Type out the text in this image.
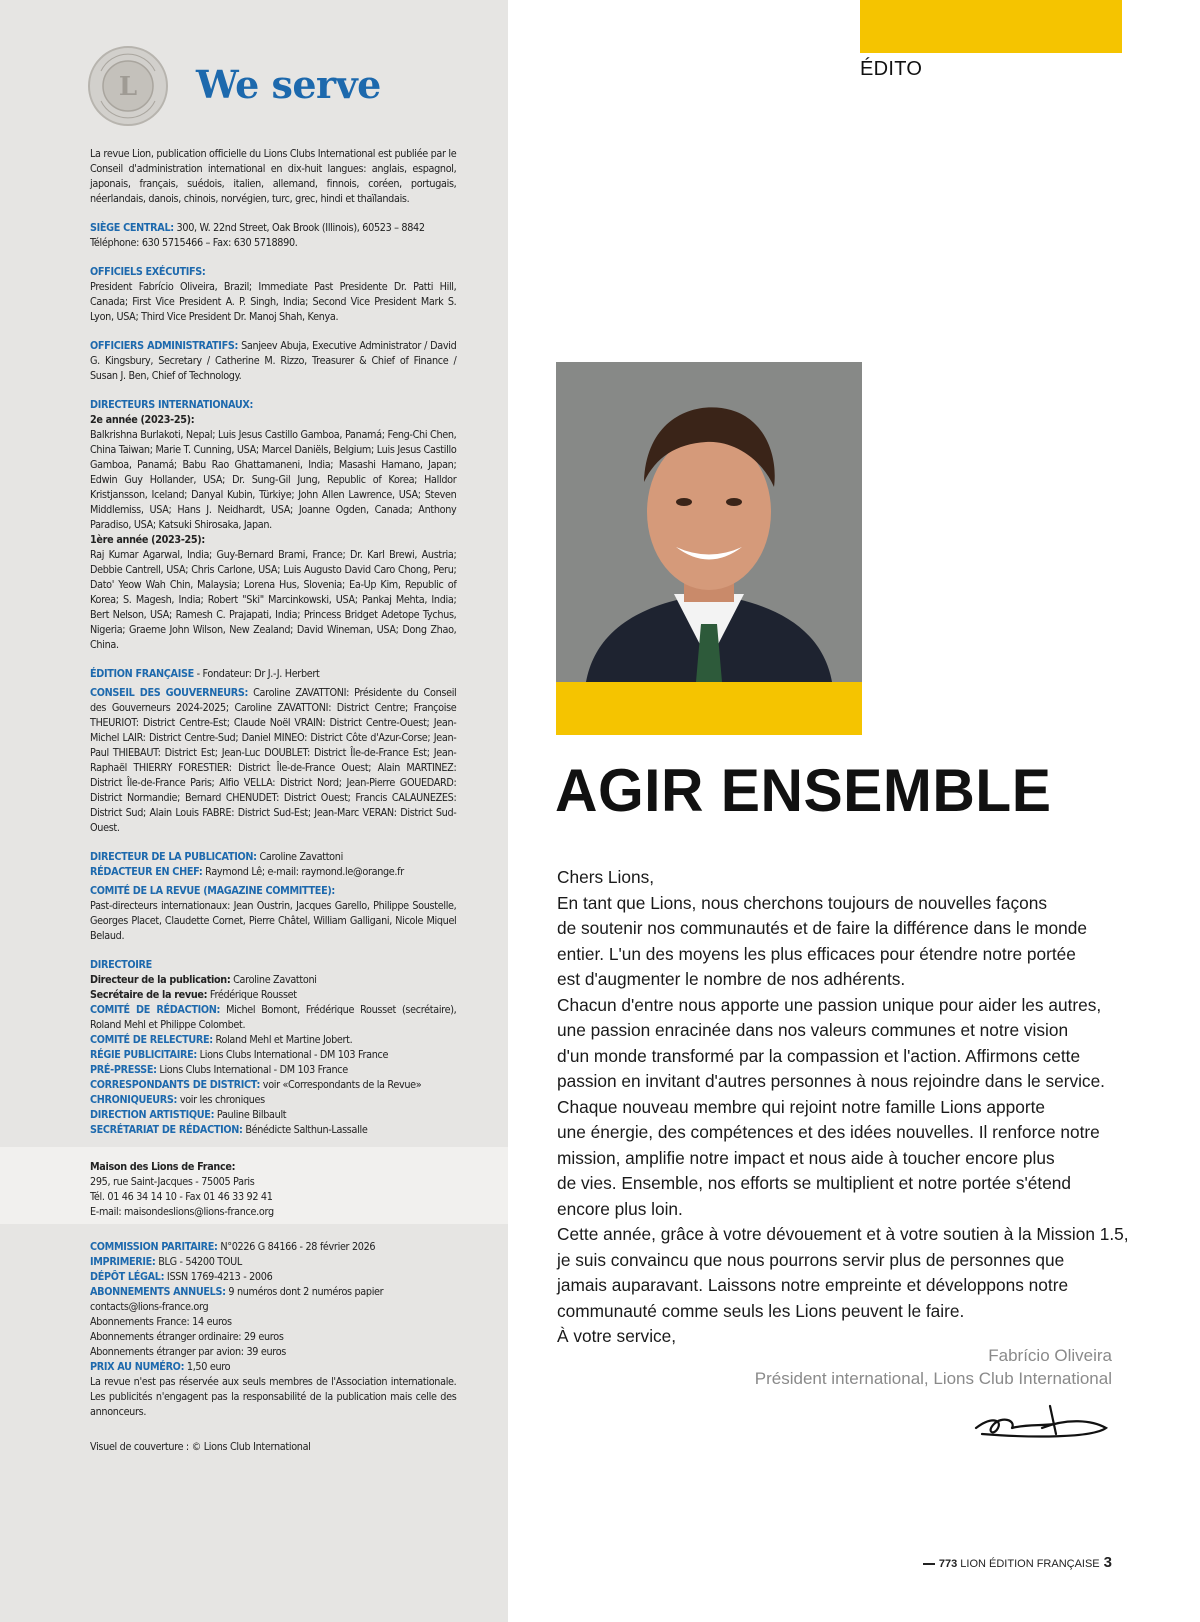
L We serve

La revue Lion, publication officielle du Lions Clubs International est publiée par le Conseil d'administration international en dix-huit langues: anglais, espagnol, japonais, français, suédois, italien, allemand, finnois, coréen, portugais, néerlandais, danois, chinois, norvégien, turc, grec, hindi et thaïlandais.

SIÈGE CENTRAL: 300, W. 22nd Street, Oak Brook (Illinois), 60523 – 8842
Téléphone: 630 5715466 – Fax: 630 5718890.

OFFICIELS EXÉCUTIFS:
President Fabrício Oliveira, Brazil; Immediate Past Presidente Dr. Patti Hill, Canada; First Vice President A. P. Singh, India; Second Vice President Mark S. Lyon, USA; Third Vice President Dr. Manoj Shah, Kenya.

OFFICIERS ADMINISTRATIFS: Sanjeev Abuja, Executive Administrator / David G. Kingsbury, Secretary / Catherine M. Rizzo, Treasurer & Chief of Finance / Susan J. Ben, Chief of Technology.

DIRECTEURS INTERNATIONAUX:
2e année (2023-25):
Balkrishna Burlakoti, Nepal; Luis Jesus Castillo Gamboa, Panamá; Feng-Chi Chen, China Taiwan; Marie T. Cunning, USA; Marcel Daniëls, Belgium; Luis Jesus Castillo Gamboa, Panamá; Babu Rao Ghattamaneni, India; Masashi Hamano, Japan; Edwin Guy Hollander, USA; Dr. Sung-Gil Jung, Republic of Korea; Halldor Kristjansson, Iceland; Danyal Kubin, Türkiye; John Allen Lawrence, USA; Steven Middlemiss, USA; Hans J. Neidhardt, USA; Joanne Ogden, Canada; Anthony Paradiso, USA; Katsuki Shirosaka, Japan.
1ère année (2023-25):
Raj Kumar Agarwal, India; Guy-Bernard Brami, France; Dr. Karl Brewi, Austria; Debbie Cantrell, USA; Chris Carlone, USA; Luis Augusto David Caro Chong, Peru; Dato' Yeow Wah Chin, Malaysia; Lorena Hus, Slovenia; Ea-Up Kim, Republic of Korea; S. Magesh, India; Robert "Ski" Marcinkowski, USA; Pankaj Mehta, India; Bert Nelson, USA; Ramesh C. Prajapati, India; Princess Bridget Adetope Tychus, Nigeria; Graeme John Wilson, New Zealand; David Wineman, USA; Dong Zhao, China.

ÉDITION FRANÇAISE - Fondateur: Dr J.-J. Herbert

CONSEIL DES GOUVERNEURS: Caroline ZAVATTONI: Présidente du Conseil des Gouverneurs 2024-2025; Caroline ZAVATTONI: District Centre; Françoise THEURIOT: District Centre-Est; Claude Noël VRAIN: District Centre-Ouest; Jean-Michel LAIR: District Centre-Sud; Daniel MINEO: District Côte d'Azur-Corse; Jean-Paul THIEBAUT: District Est; Jean-Luc DOUBLET: District Île-de-France Est; Jean-Raphaël THIERRY FORESTIER: District Île-de-France Ouest; Alain MARTINEZ: District Île-de-France Paris; Alfio VELLA: District Nord; Jean-Pierre GOUEDARD: District Normandie; Bernard CHENUDET: District Ouest; Francis CALAUNEZES: District Sud; Alain Louis FABRE: District Sud-Est; Jean-Marc VERAN: District Sud-Ouest.

DIRECTEUR DE LA PUBLICATION: Caroline Zavattoni
RÉDACTEUR EN CHEF: Raymond Lê; e-mail: raymond.le@orange.fr

COMITÉ DE LA REVUE (MAGAZINE COMMITTEE):
Past-directeurs internationaux: Jean Oustrin, Jacques Garello, Philippe Soustelle, Georges Placet, Claudette Cornet, Pierre Châtel, William Galligani, Nicole Miquel Belaud.

DIRECTOIRE
Directeur de la publication: Caroline Zavattoni
Secrétaire de la revue: Frédérique Rousset
COMITÉ DE RÉDACTION: Michel Bomont, Frédérique Rousset (secrétaire), Roland Mehl et Philippe Colombet.
COMITÉ DE RELECTURE: Roland Mehl et Martine Jobert.
RÉGIE PUBLICITAIRE: Lions Clubs International - DM 103 France
PRÉ-PRESSE: Lions Clubs International - DM 103 France
CORRESPONDANTS DE DISTRICT: voir «Correspondants de la Revue»
CHRONIQUEURS: voir les chroniques
DIRECTION ARTISTIQUE: Pauline Bilbault
SECRÉTARIAT DE RÉDACTION: Bénédicte Salthun-Lassalle

Maison des Lions de France:
295, rue Saint-Jacques - 75005 Paris
Tél. 01 46 34 14 10 - Fax 01 46 33 92 41
E-mail: maisondeslions@lions-france.org

COMMISSION PARITAIRE: N°0226 G 84166 - 28 février 2026
IMPRIMERIE: BLG - 54200 TOUL
DÉPÔT LÉGAL: ISSN 1769-4213 - 2006
ABONNEMENTS ANNUELS: 9 numéros dont 2 numéros papier
contacts@lions-france.org
Abonnements France: 14 euros
Abonnements étranger ordinaire: 29 euros
Abonnements étranger par avion: 39 euros
PRIX AU NUMÉRO: 1,50 euro
La revue n'est pas réservée aux seuls membres de l'Association internationale. Les publicités n'engagent pas la responsabilité de la publication mais celle des annonceurs.

Visuel de couverture : © Lions Club International

ÉDITO
AGIR ENSEMBLE
Chers Lions,
En tant que Lions, nous cherchons toujours de nouvelles façons
de soutenir nos communautés et de faire la différence dans le monde
entier. L'un des moyens les plus efficaces pour étendre notre portée
est d'augmenter le nombre de nos adhérents.
Chacun d'entre nous apporte une passion unique pour aider les autres,
une passion enracinée dans nos valeurs communes et notre vision
d'un monde transformé par la compassion et l'action. Affirmons cette
passion en invitant d'autres personnes à nous rejoindre dans le service.
Chaque nouveau membre qui rejoint notre famille Lions apporte
une énergie, des compétences et des idées nouvelles. Il renforce notre
mission, amplifie notre impact et nous aide à toucher encore plus
de vies. Ensemble, nos efforts se multiplient et notre portée s'étend
encore plus loin.
Cette année, grâce à votre dévouement et à votre soutien à la Mission 1.5,
je suis convaincu que nous pourrons servir plus de personnes que
jamais auparavant. Laissons notre empreinte et développons notre
communauté comme seuls les Lions peuvent le faire.
À votre service,
Fabrício Oliveira
Président international, Lions Club International
773 LION ÉDITION FRANÇAISE 3
